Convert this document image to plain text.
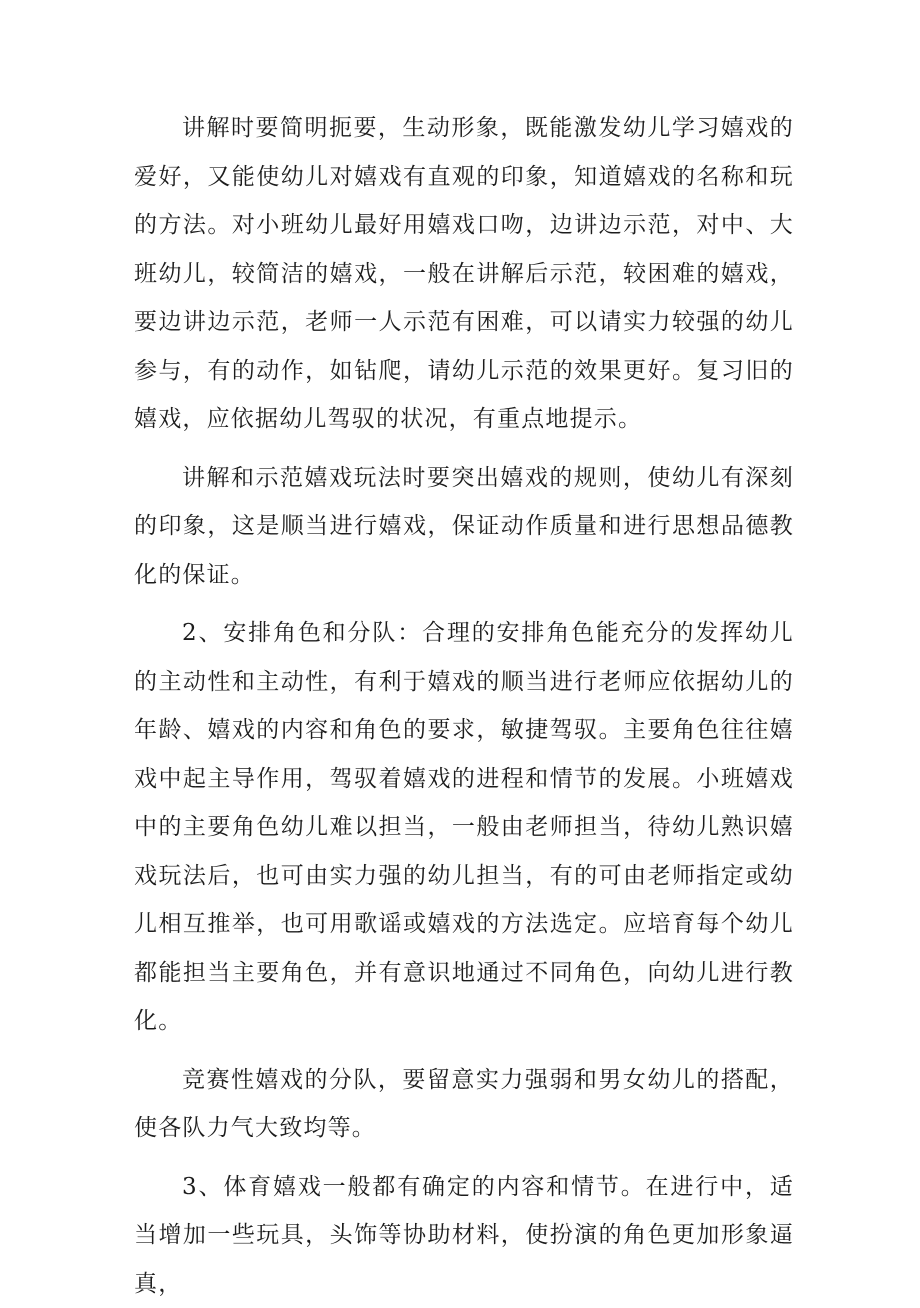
讲解时要简明扼要，生动形象，既能激发幼儿学习嬉戏的爱好，又能使幼儿对嬉戏有直观的印象，知道嬉戏的名称和玩的方法。对小班幼儿最好用嬉戏口吻，边讲边示范，对中、大班幼儿，较简洁的嬉戏，一般在讲解后示范，较困难的嬉戏，要边讲边示范，老师一人示范有困难，可以请实力较强的幼儿参与，有的动作，如钻爬，请幼儿示范的效果更好。复习旧的嬉戏，应依据幼儿驾驭的状况，有重点地提示。

讲解和示范嬉戏玩法时要突出嬉戏的规则，使幼儿有深刻的印象，这是顺当进行嬉戏，保证动作质量和进行思想品德教化的保证。

2、安排角色和分队：合理的安排角色能充分的发挥幼儿的主动性和主动性，有利于嬉戏的顺当进行老师应依据幼儿的年龄、嬉戏的内容和角色的要求，敏捷驾驭。主要角色往往嬉戏中起主导作用，驾驭着嬉戏的进程和情节的发展。小班嬉戏中的主要角色幼儿难以担当，一般由老师担当，待幼儿熟识嬉戏玩法后，也可由实力强的幼儿担当，有的可由老师指定或幼儿相互推举，也可用歌谣或嬉戏的方法选定。应培育每个幼儿都能担当主要角色，并有意识地通过不同角色，向幼儿进行教化。

竞赛性嬉戏的分队，要留意实力强弱和男女幼儿的搭配，使各队力气大致均等。

3、体育嬉戏一般都有确定的内容和情节。在进行中，适当增加一些玩具，头饰等协助材料，使扮演的角色更加形象逼真，
